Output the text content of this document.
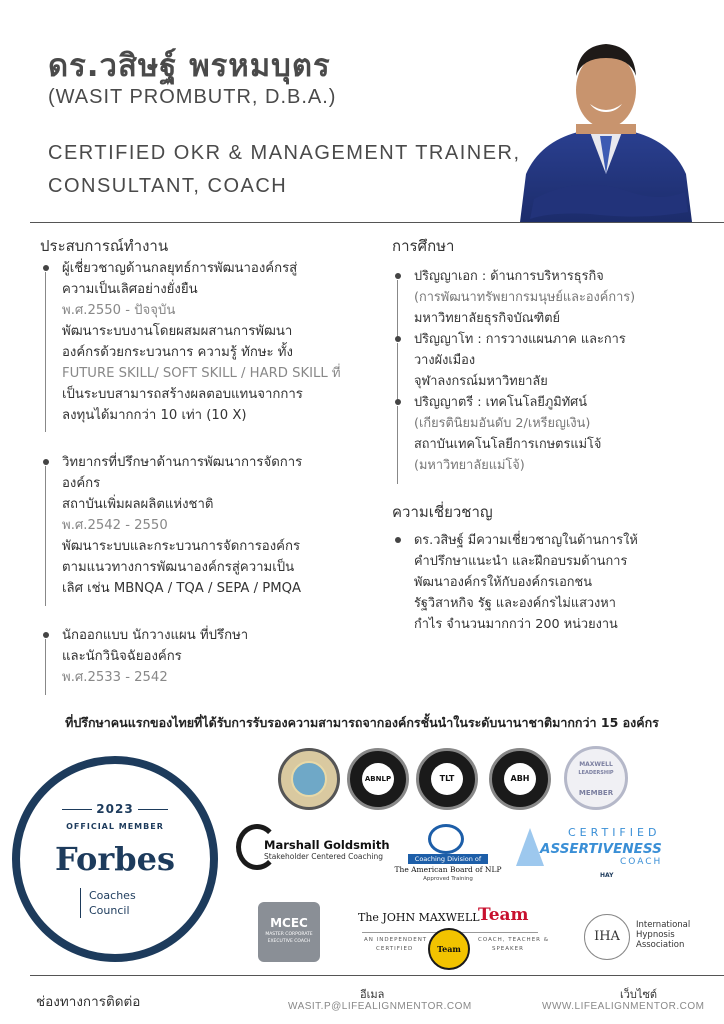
ดร.วสิษฐ์ พรหมบุตร
(WASIT PROMBUTR, D.B.A.)
CERTIFIED OKR & MANAGEMENT TRAINER,
CONSULTANT, COACH
ประสบการณ์ทำงาน
ผู้เชี่ยวชาญด้านกลยุทธ์การพัฒนาองค์กรสู่
ความเป็นเลิศอย่างยั่งยืน
พ.ศ.2550 - ปัจจุบัน
พัฒนาระบบงานโดยผสมผสานการพัฒนา
องค์กรด้วยกระบวนการ ความรู้ ทักษะ ทั้ง
FUTURE SKILL/ SOFT SKILL / HARD SKILL ที่
เป็นระบบสามารถสร้างผลตอบแทนจากการ
ลงทุนได้มากกว่า 10 เท่า (10 X)
วิทยากรที่ปรึกษาด้านการพัฒนาการจัดการ
องค์กร
สถาบันเพิ่มผลผลิตแห่งชาติ
พ.ศ.2542 - 2550
พัฒนาระบบและกระบวนการจัดการองค์กร
ตามแนวทางการพัฒนาองค์กรสู่ความเป็น
เลิศ เช่น MBNQA / TQA / SEPA / PMQA
นักออกแบบ นักวางแผน ที่ปรึกษา
และนักวินิจฉัยองค์กร
พ.ศ.2533 - 2542
การศึกษา
ปริญญาเอก : ด้านการบริหารธุรกิจ
(การพัฒนาทรัพยากรมนุษย์และองค์การ)
มหาวิทยาลัยธุรกิจบัณฑิตย์
ปริญญาโท : การวางแผนภาค และการ
วางผังเมือง
จุฬาลงกรณ์มหาวิทยาลัย
ปริญญาตรี : เทคโนโลยีภูมิทัศน์
(เกียรตินิยมอันดับ 2/เหรียญเงิน)
สถาบันเทคโนโลยีการเกษตรแม่โจ้
(มหาวิทยาลัยแม่โจ้)
ความเชี่ยวชาญ
ดร.วสิษฐ์ มีความเชี่ยวชาญในด้านการให้
คำปรึกษาแนะนำ และฝึกอบรมด้านการ
พัฒนาองค์กรให้กับองค์กรเอกชน
รัฐวิสาหกิจ รัฐ และองค์กรไม่แสวงหา
กำไร จำนวนมากกว่า 200 หน่วยงาน
ที่ปรึกษาคนแรกของไทยที่ได้รับการรับรองความสามารถจากองค์กรชั้นนำในระดับนานาชาติมากกว่า 15 องค์กร
2023
OFFICIAL MEMBER
Forbes
Coaches
Council
ABNLP	TLT	ABH
MAXWELL
LEADERSHIP
MEMBER
Marshall Goldsmith
Stakeholder Centered Coaching	Coaching Division of
The American Board of NLP
Approved Training
CERTIFIED
ASSERTIVENESS
COACH
HAY
MCEC
MASTER CORPORATE
EXECUTIVE COACH
The JOHN MAXWELL
Team
AN INDEPENDENT
CERTIFIED
COACH, TEACHER &
SPEAKER
Team
IHA
International
Hypnosis
Association
ช่องทางการติดต่อ	อีเมล
WASIT.P@LIFEALIGNMENTOR.COM
เว็บไซต์
WWW.LIFEALIGNMENTOR.COM
